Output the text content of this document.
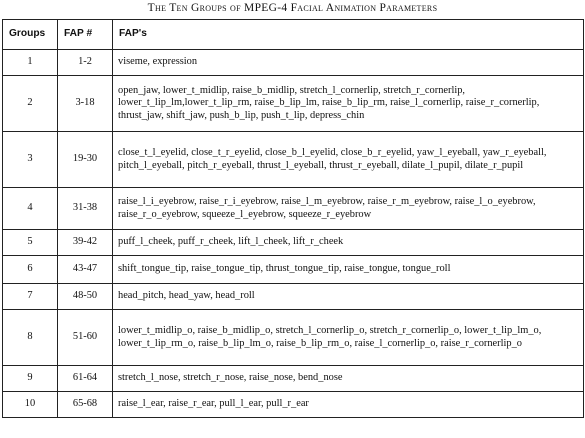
The Ten Groups of MPEG-4 Facial Animation Parameters
Groups	FAP #	FAP's
1	1-2	viseme, expression
2	3-18	open_jaw, lower_t_midlip, raise_b_midlip, stretch_l_cornerlip, stretch_r_cornerlip, lower_t_lip_lm,lower_t_lip_rm, raise_b_lip_lm, raise_b_lip_rm, raise_l_cornerlip, raise_r_cornerlip, thrust_jaw, shift_jaw, push_b_lip, push_t_lip, depress_chin
3	19-30	close_t_l_eyelid, close_t_r_eyelid, close_b_l_eyelid, close_b_r_eyelid, yaw_l_eyeball, yaw_r_eyeball, pitch_l_eyeball, pitch_r_eyeball, thrust_l_eyeball, thrust_r_eyeball, dilate_l_pupil, dilate_r_pupil
4	31-38	raise_l_i_eyebrow, raise_r_i_eyebrow, raise_l_m_eyebrow, raise_r_m_eyebrow, raise_l_o_eyebrow, raise_r_o_eyebrow, squeeze_l_eyebrow, squeeze_r_eyebrow
5	39-42	puff_l_cheek, puff_r_cheek, lift_l_cheek, lift_r_cheek
6	43-47	shift_tongue_tip, raise_tongue_tip, thrust_tongue_tip, raise_tongue, tongue_roll
7	48-50	head_pitch, head_yaw, head_roll
8	51-60	lower_t_midlip_o, raise_b_midlip_o, stretch_l_cornerlip_o, stretch_r_cornerlip_o, lower_t_lip_lm_o, lower_t_lip_rm_o, raise_b_lip_lm_o, raise_b_lip_rm_o, raise_l_cornerlip_o, raise_r_cornerlip_o
9	61-64	stretch_l_nose, stretch_r_nose, raise_nose, bend_nose
10	65-68	raise_l_ear, raise_r_ear, pull_l_ear, pull_r_ear
